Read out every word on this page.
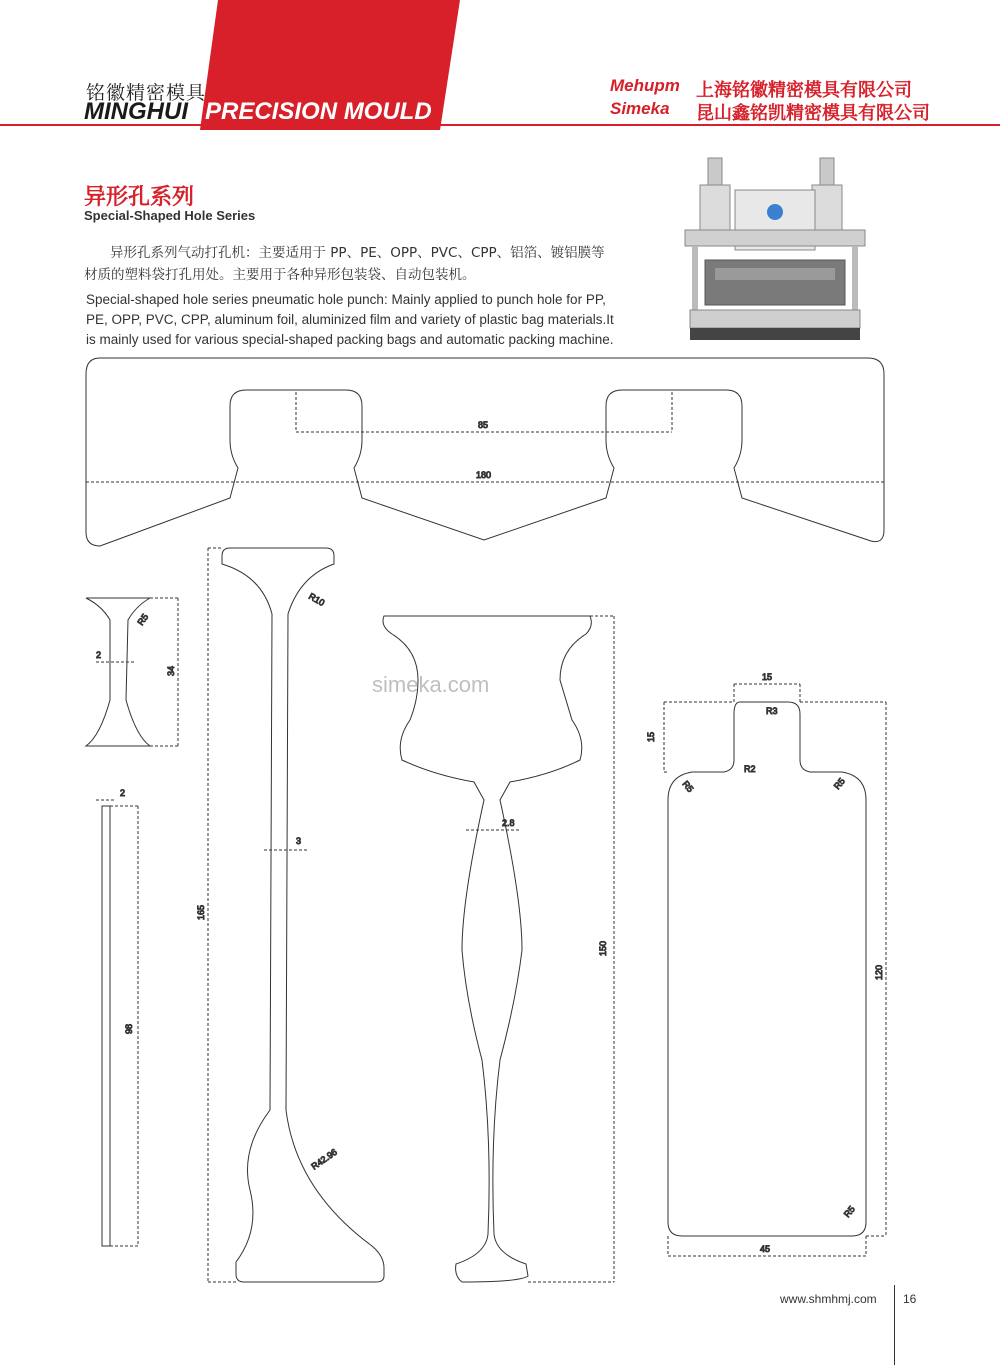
铭徽精密模具
MINGHUI PRECISION MOULD
Mehupm 上海铭徽精密模具有限公司
Simeka 昆山鑫铭凯精密模具有限公司
异形孔系列
Special-Shaped Hole Series
异形孔系列气动打孔机：主要适用于 PP、PE、OPP、PVC、CPP、铝箔、镀铝膜等材质的塑料袋打孔用处。主要用于各种异形包装袋、自动包装机。
Special-shaped hole series pneumatic hole punch: Mainly applied to punch hole for PP, PE, OPP, PVC, CPP, aluminum foil, aluminized film and variety of plastic bag materials.It is mainly used for various special-shaped packing bags and automatic packing machine.
85
180
R5
2
34
2
98
R10
3
165
R42.96
2.8
150
15
15
R3
R2
R5	R5
R5
120
45
simeka.com
www.shmhmj.com 16
